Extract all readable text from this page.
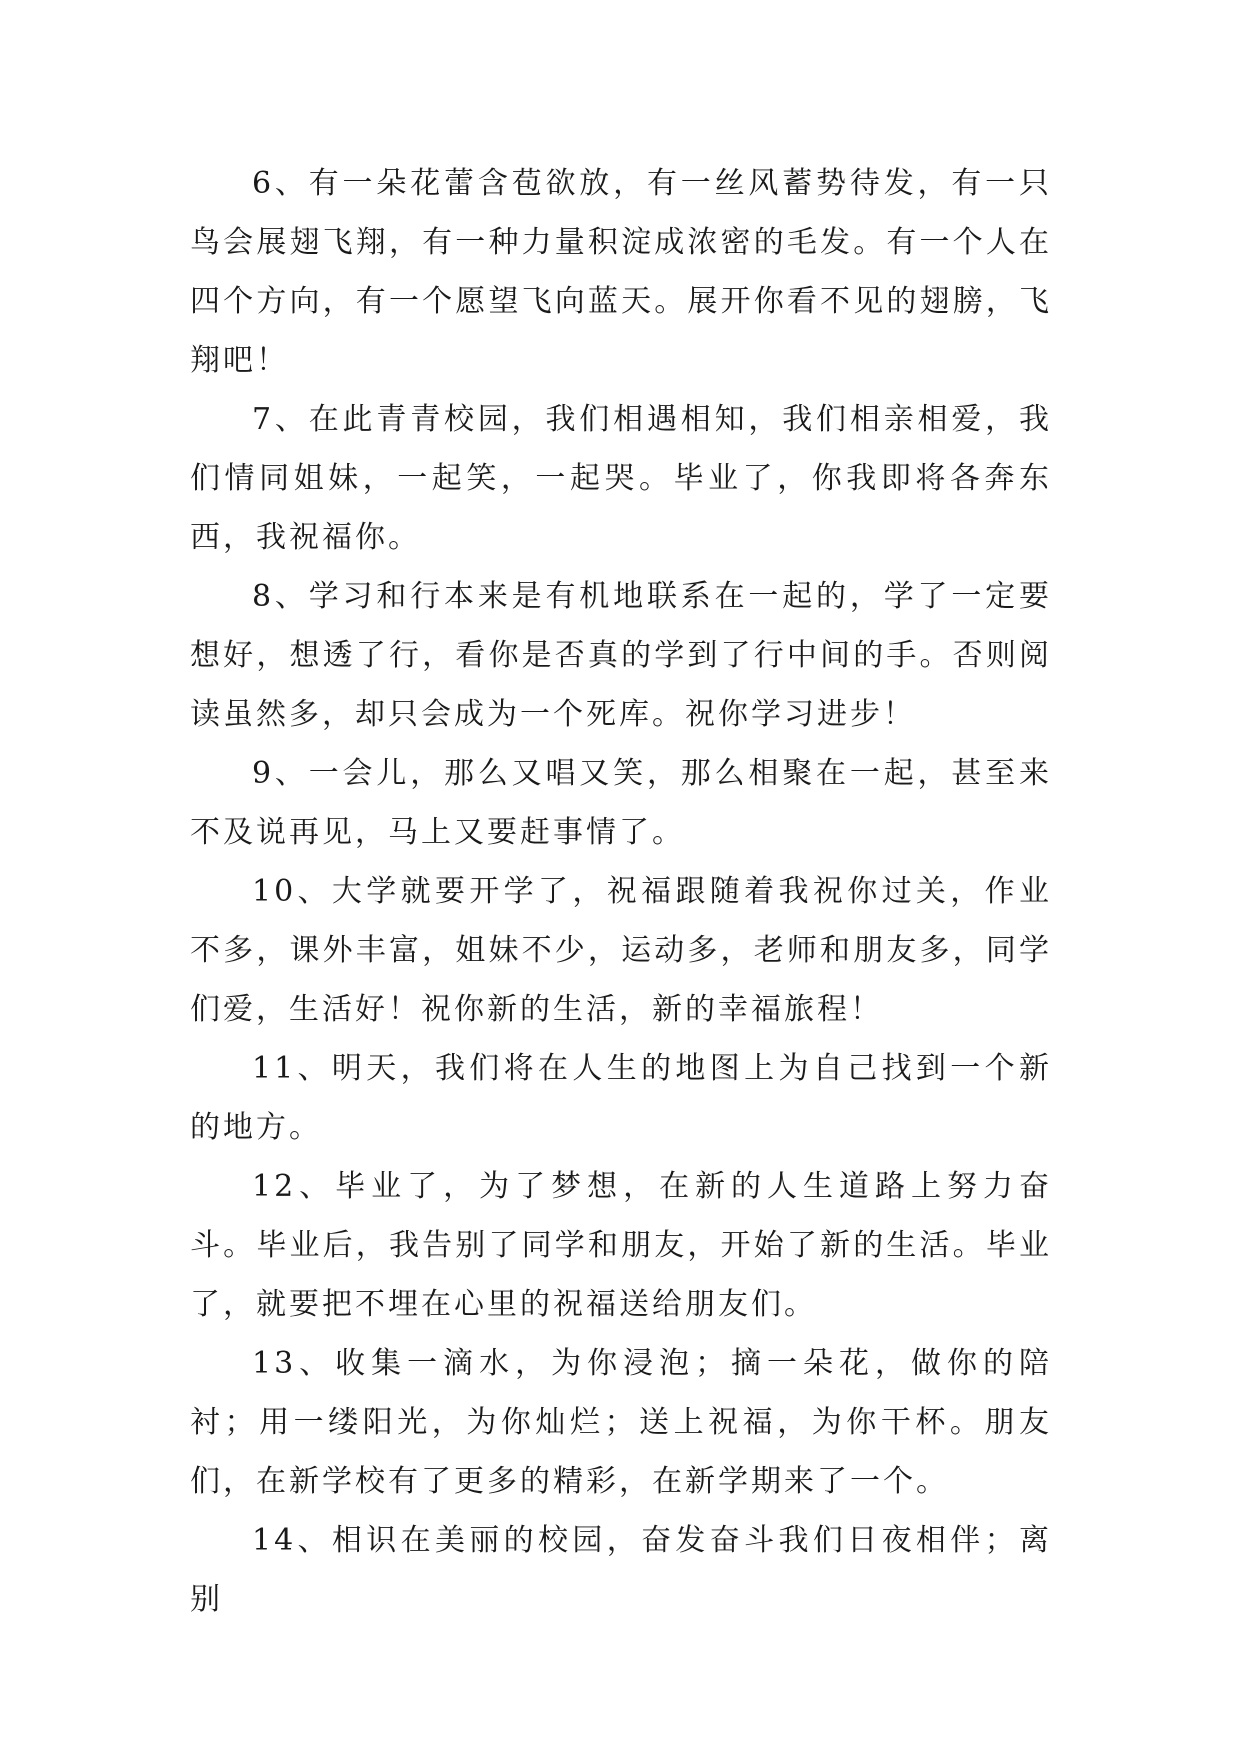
6、有一朵花蕾含苞欲放，有一丝风蓄势待发，有一只鸟会展翅飞翔，有一种力量积淀成浓密的毛发。有一个人在四个方向，有一个愿望飞向蓝天。展开你看不见的翅膀，飞翔吧！

7、在此青青校园，我们相遇相知，我们相亲相爱，我们情同姐妹，一起笑，一起哭。毕业了，你我即将各奔东西，我祝福你。

8、学习和行本来是有机地联系在一起的，学了一定要想好，想透了行，看你是否真的学到了行中间的手。否则阅读虽然多，却只会成为一个死库。祝你学习进步！

9、一会儿，那么又唱又笑，那么相聚在一起，甚至来不及说再见，马上又要赶事情了。

10、大学就要开学了，祝福跟随着我祝你过关，作业不多，课外丰富，姐妹不少，运动多，老师和朋友多，同学们爱，生活好！祝你新的生活，新的幸福旅程！

11、明天，我们将在人生的地图上为自己找到一个新的地方。

12、毕业了，为了梦想，在新的人生道路上努力奋斗。毕业后，我告别了同学和朋友，开始了新的生活。毕业了，就要把不埋在心里的祝福送给朋友们。

13、收集一滴水，为你浸泡；摘一朵花，做你的陪衬；用一缕阳光，为你灿烂；送上祝福，为你干杯。朋友们，在新学校有了更多的精彩，在新学期来了一个。

14、相识在美丽的校园，奋发奋斗我们日夜相伴；离别
